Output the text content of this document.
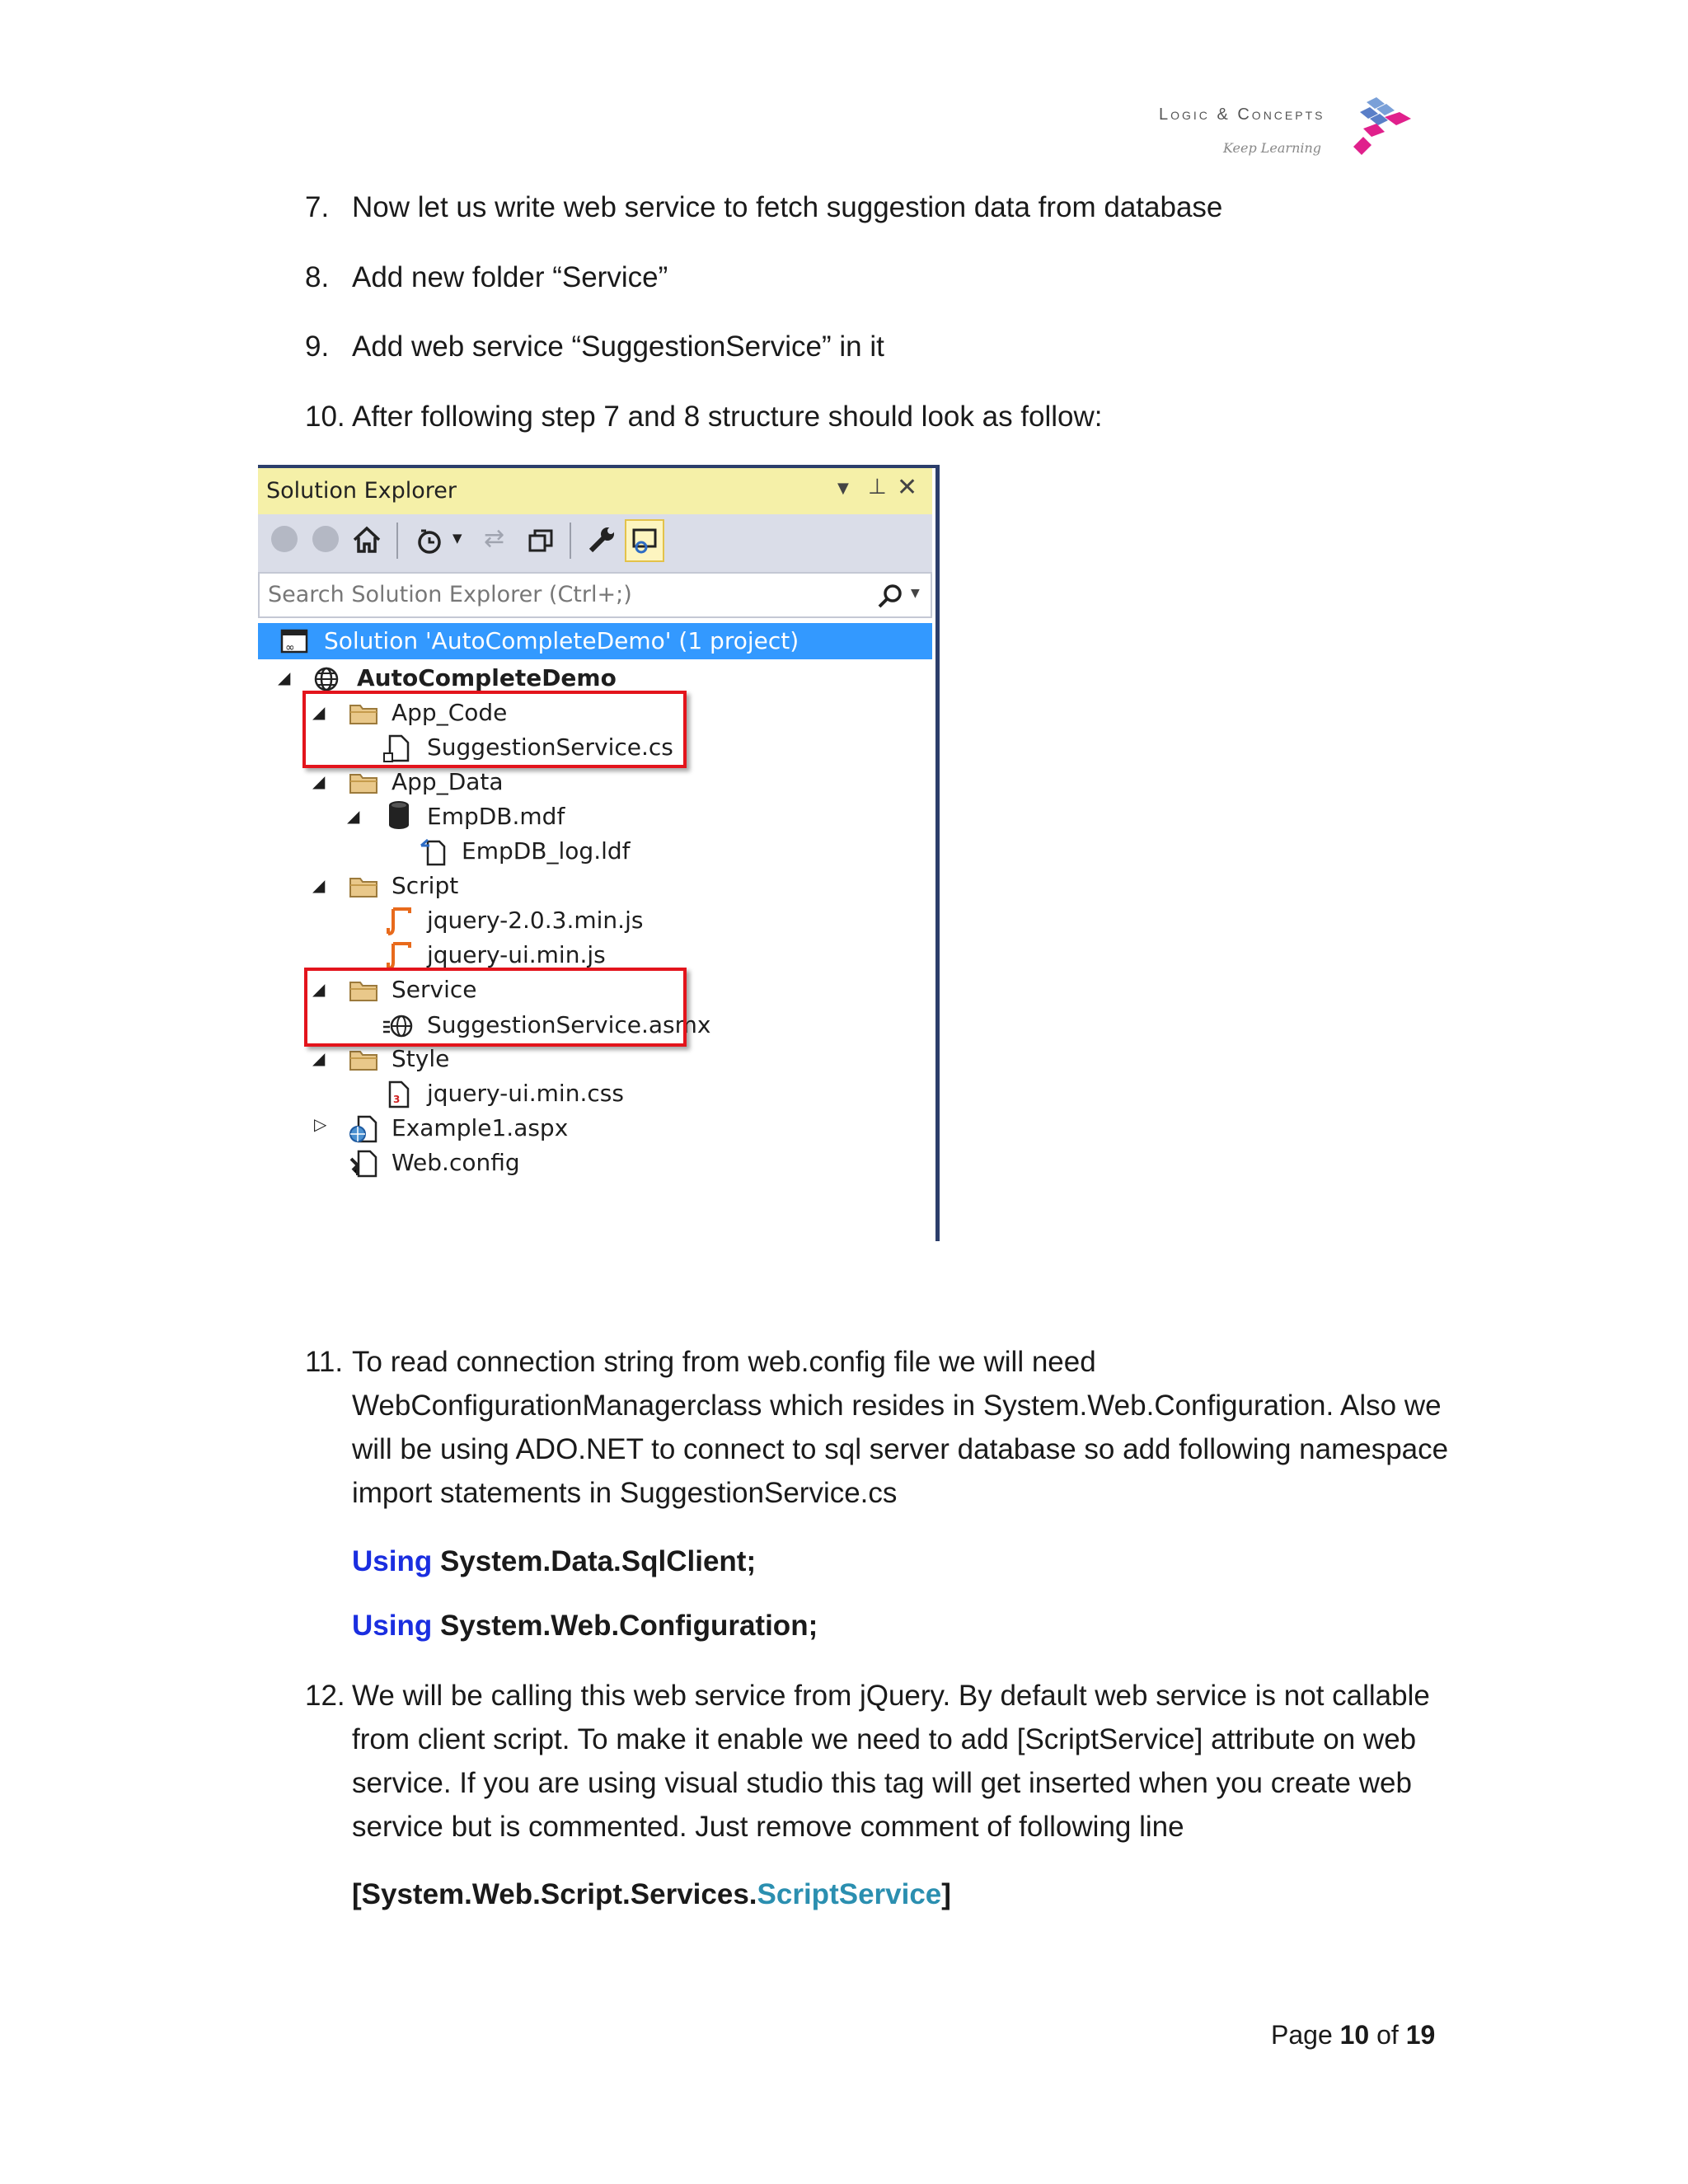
Logic & Concepts
Keep Learning
7. Now let us write web service to fetch suggestion data from database
8. Add new folder “Service”
9. Add web service “SuggestionService” in it
10. After following step 7 and 8 structure should look as follow:
Solution Explorer	▼ ⊥ ✕
▼ ⇄
Search Solution Explorer (Ctrl+;)	▼
∞ Solution 'AutoCompleteDemo' (1 project)
◢	AutoCompleteDemo
◢	App_Code
SuggestionService.cs
◢	App_Data
◢	EmpDB.mdf
EmpDB_log.ldf
◢	Script
jquery-2.0.3.min.js
jquery-ui.min.js
◢	Service
SuggestionService.asmx
◢	Style
3 jquery-ui.min.css
▷	Example1.aspx
Web.config
11. To read connection string from web.config file we will need
WebConfigurationManagerclass which resides in System.Web.Configuration. Also we
will be using ADO.NET to connect to sql server database so add following namespace
import statements in SuggestionService.cs
Using System.Data.SqlClient;
Using System.Web.Configuration;
12. We will be calling this web service from jQuery. By default web service is not callable
from client script. To make it enable we need to add [ScriptService] attribute on web
service. If you are using visual studio this tag will get inserted when you create web
service but is commented. Just remove comment of following line
[System.Web.Script.Services.ScriptService]
Page 10 of 19
